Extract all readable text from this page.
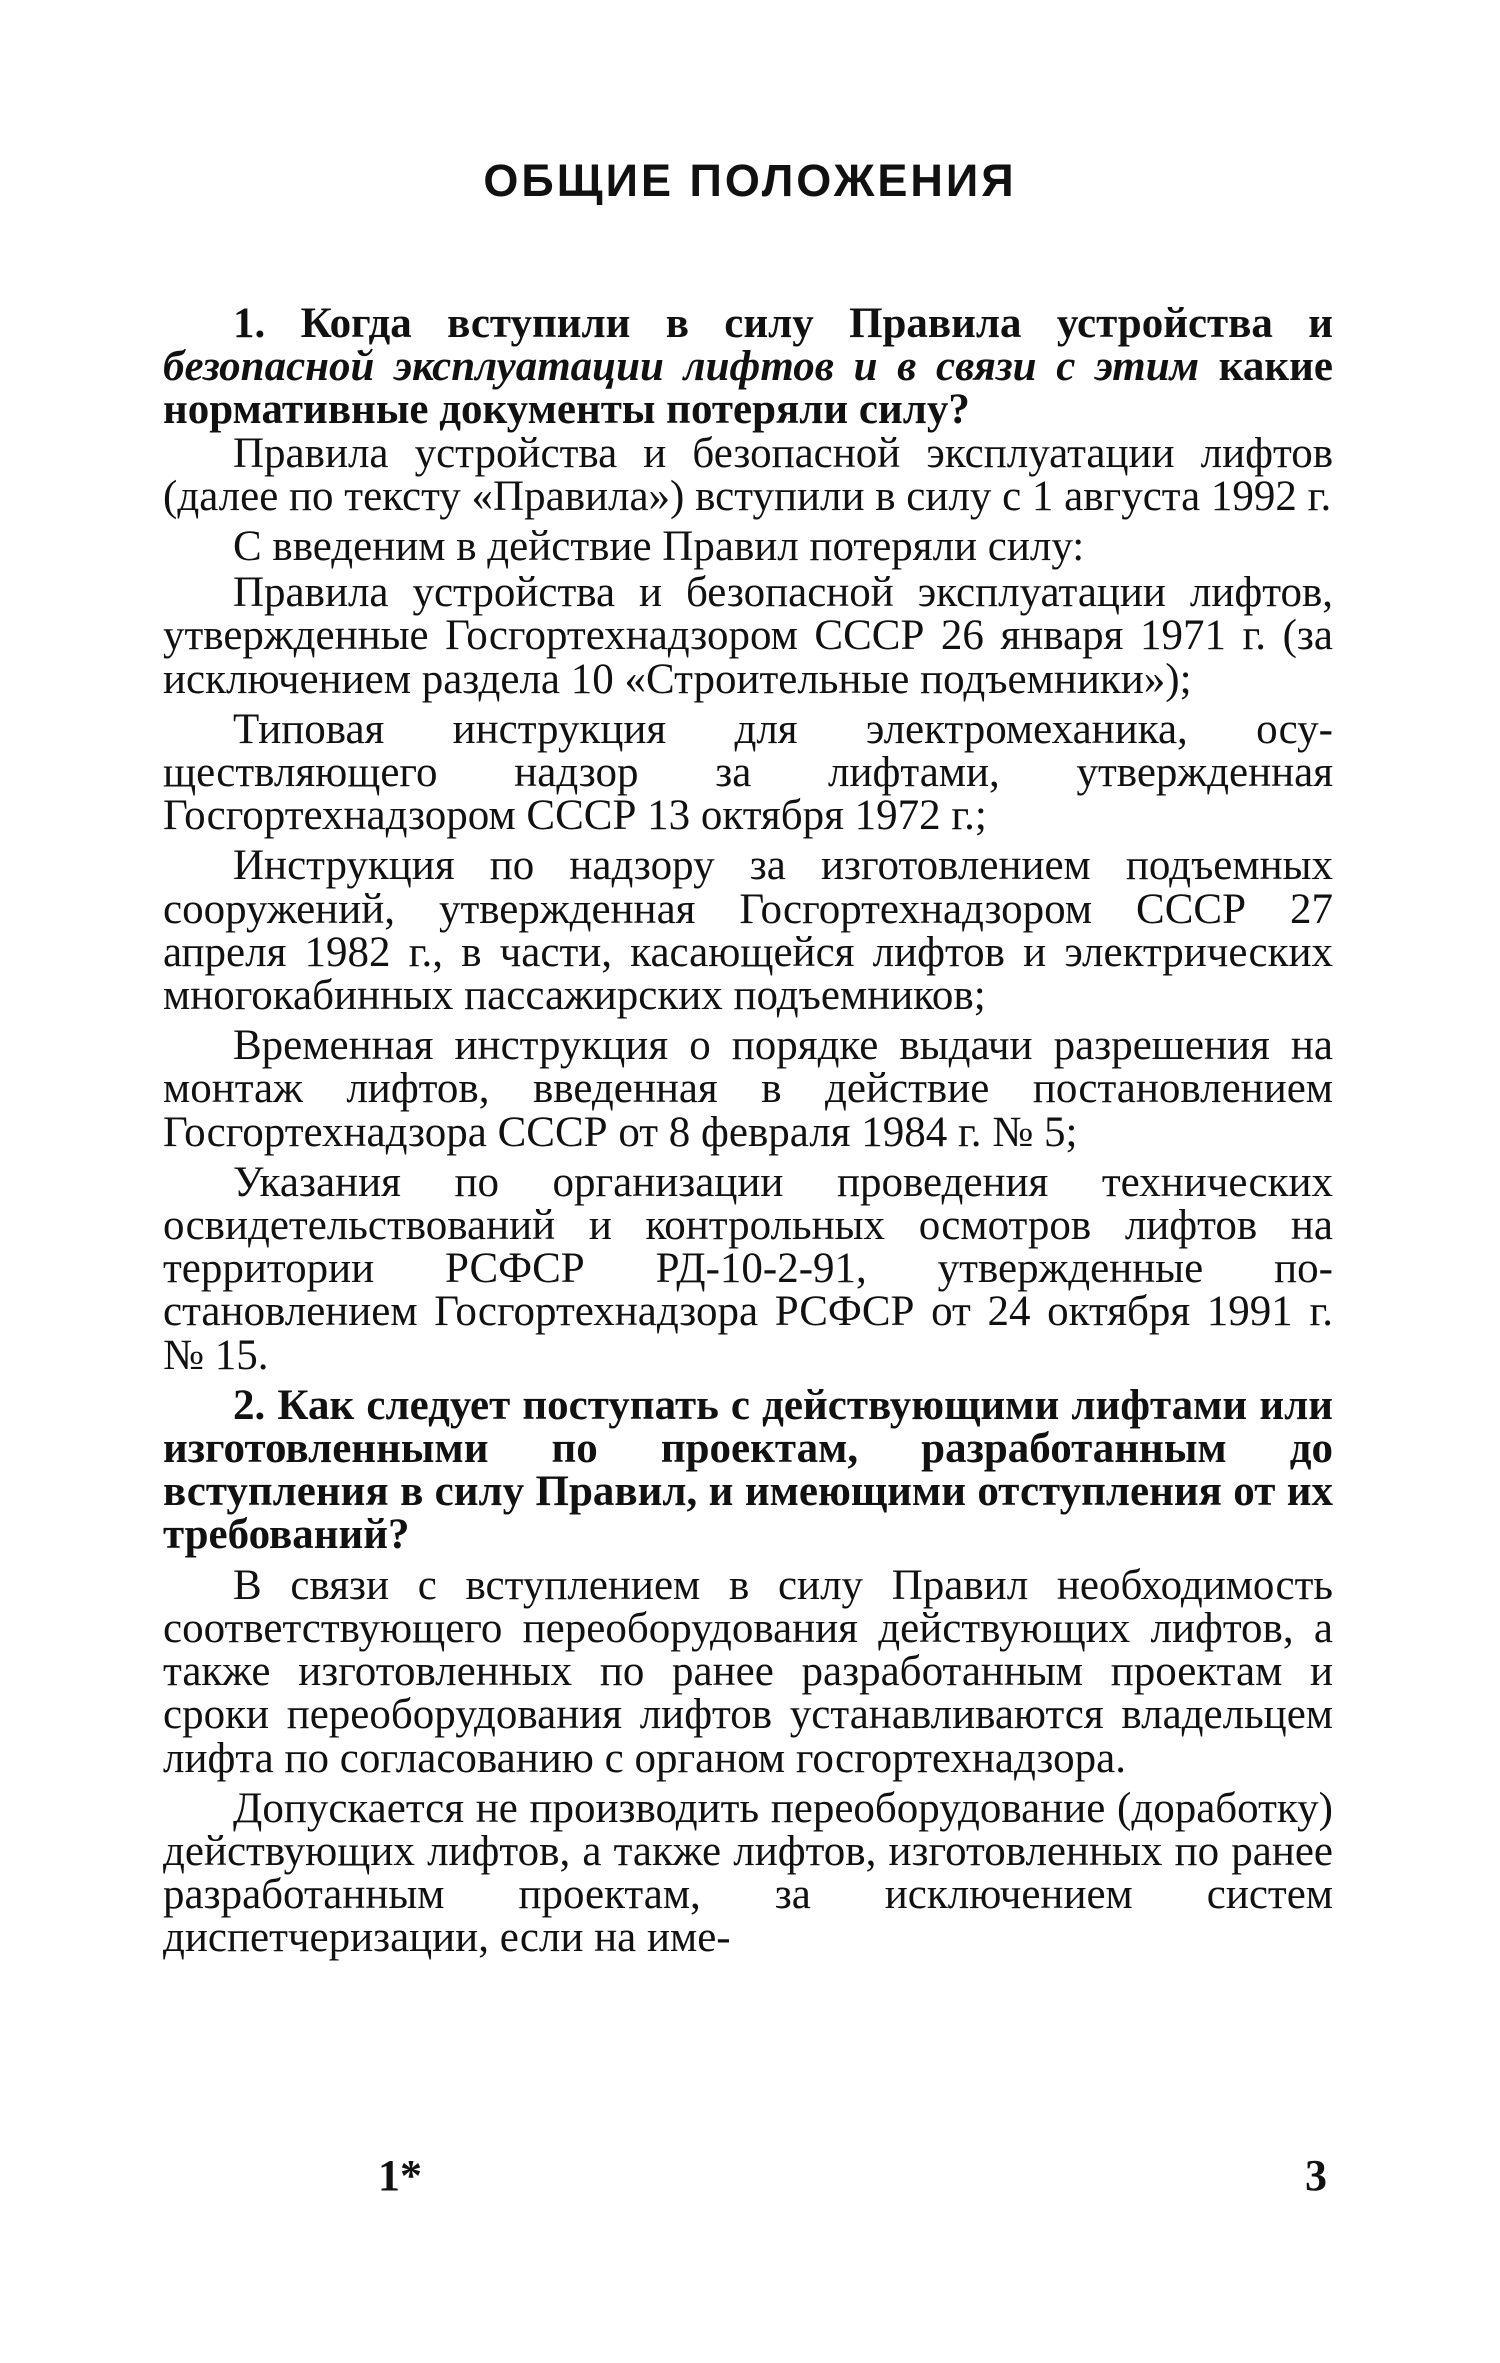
ОБЩИЕ ПОЛОЖЕНИЯ

1. Когда вступили в силу Правила устройства и безопасной эксплуатации лифтов и в связи с этим какие нормативные документы потеряли силу?

Правила устройства и безопасной эксплуатации лифтов (далее по тексту «Правила») вступили в силу с 1 августа 1992 г.

С введеним в действие Правил потеряли силу:

Правила устройства и безопасной эксплуатации лифтов, утвержденные Госгортехнадзором СССР 26 января 1971 г. (за исключением раздела 10 «Строительные подъемники»);

Типовая инструкция для электромеханика, осуществляющего надзор за лифтами, утвержденная Госгортехнадзором СССР 13 октября 1972 г.;

Инструкция по надзору за изготовлением подъемных сооружений, утвержденная Госгортехнадзором СССР 27 апреля 1982 г., в части, касающейся лифтов и электрических многокабинных пассажирских подъемников;

Временная инструкция о порядке выдачи разрешения на монтаж лифтов, введенная в действие постановлением Госгортехнадзора СССР от 8 февраля 1984 г. № 5;

Указания по организации проведения технических освидетельствований и контрольных осмотров лифтов на территории РСФСР РД-10-2-91, утвержденные постановлением Госгортехнадзора РСФСР от 24 октября 1991 г. № 15.

2. Как следует поступать с действующими лифтами или изготовленными по проектам, разработанным до вступления в силу Правил, и имеющими отступления от их требований?

В связи с вступлением в силу Правил необходимость соответствующего переоборудования действующих лифтов, а также изготовленных по ранее разработанным проектам и сроки переоборудования лифтов устанавливаются владельцем лифта по согласованию с органом госгортехнадзора.

Допускается не производить переоборудование (доработку) действующих лифтов, а также лифтов, изготовленных по ранее разработанным проектам, за исключением систем диспетчеризации, если на име-

1*	3
